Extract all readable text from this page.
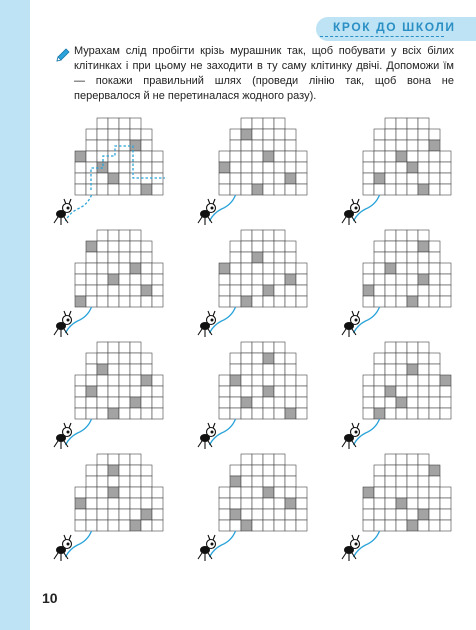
КРОК ДО ШКОЛИ
Мурахам слід пробігти крізь мурашник так, щоб побувати у всіх білих клітинках і при цьому не заходити в ту саму клітинку двічі. Допоможи їм — покажи правильний шлях (проведи лінію так, щоб вона не перервалося й не перетиналася жодного разу).
10
